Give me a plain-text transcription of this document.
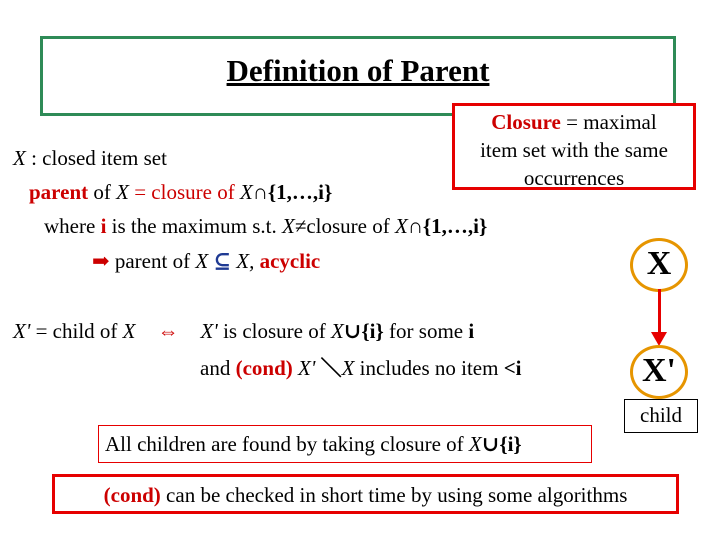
Definition of Parent
Closure = maximal
item set with the same
occurrences
X : closed item set
parent of X = closure of X∩{1,…,i}
where i is the maximum s.t. X≠closure of X∩{1,…,i}
➡ parent of X ⊆ X, acyclic
X' = child of X ⇔ X' is closure of X∪{i} for some i
and (cond) X' ＼X includes no item <i
X
X'
child
All children are found by taking closure of X∪{i}
(cond) can be checked in short time by using some algorithms
